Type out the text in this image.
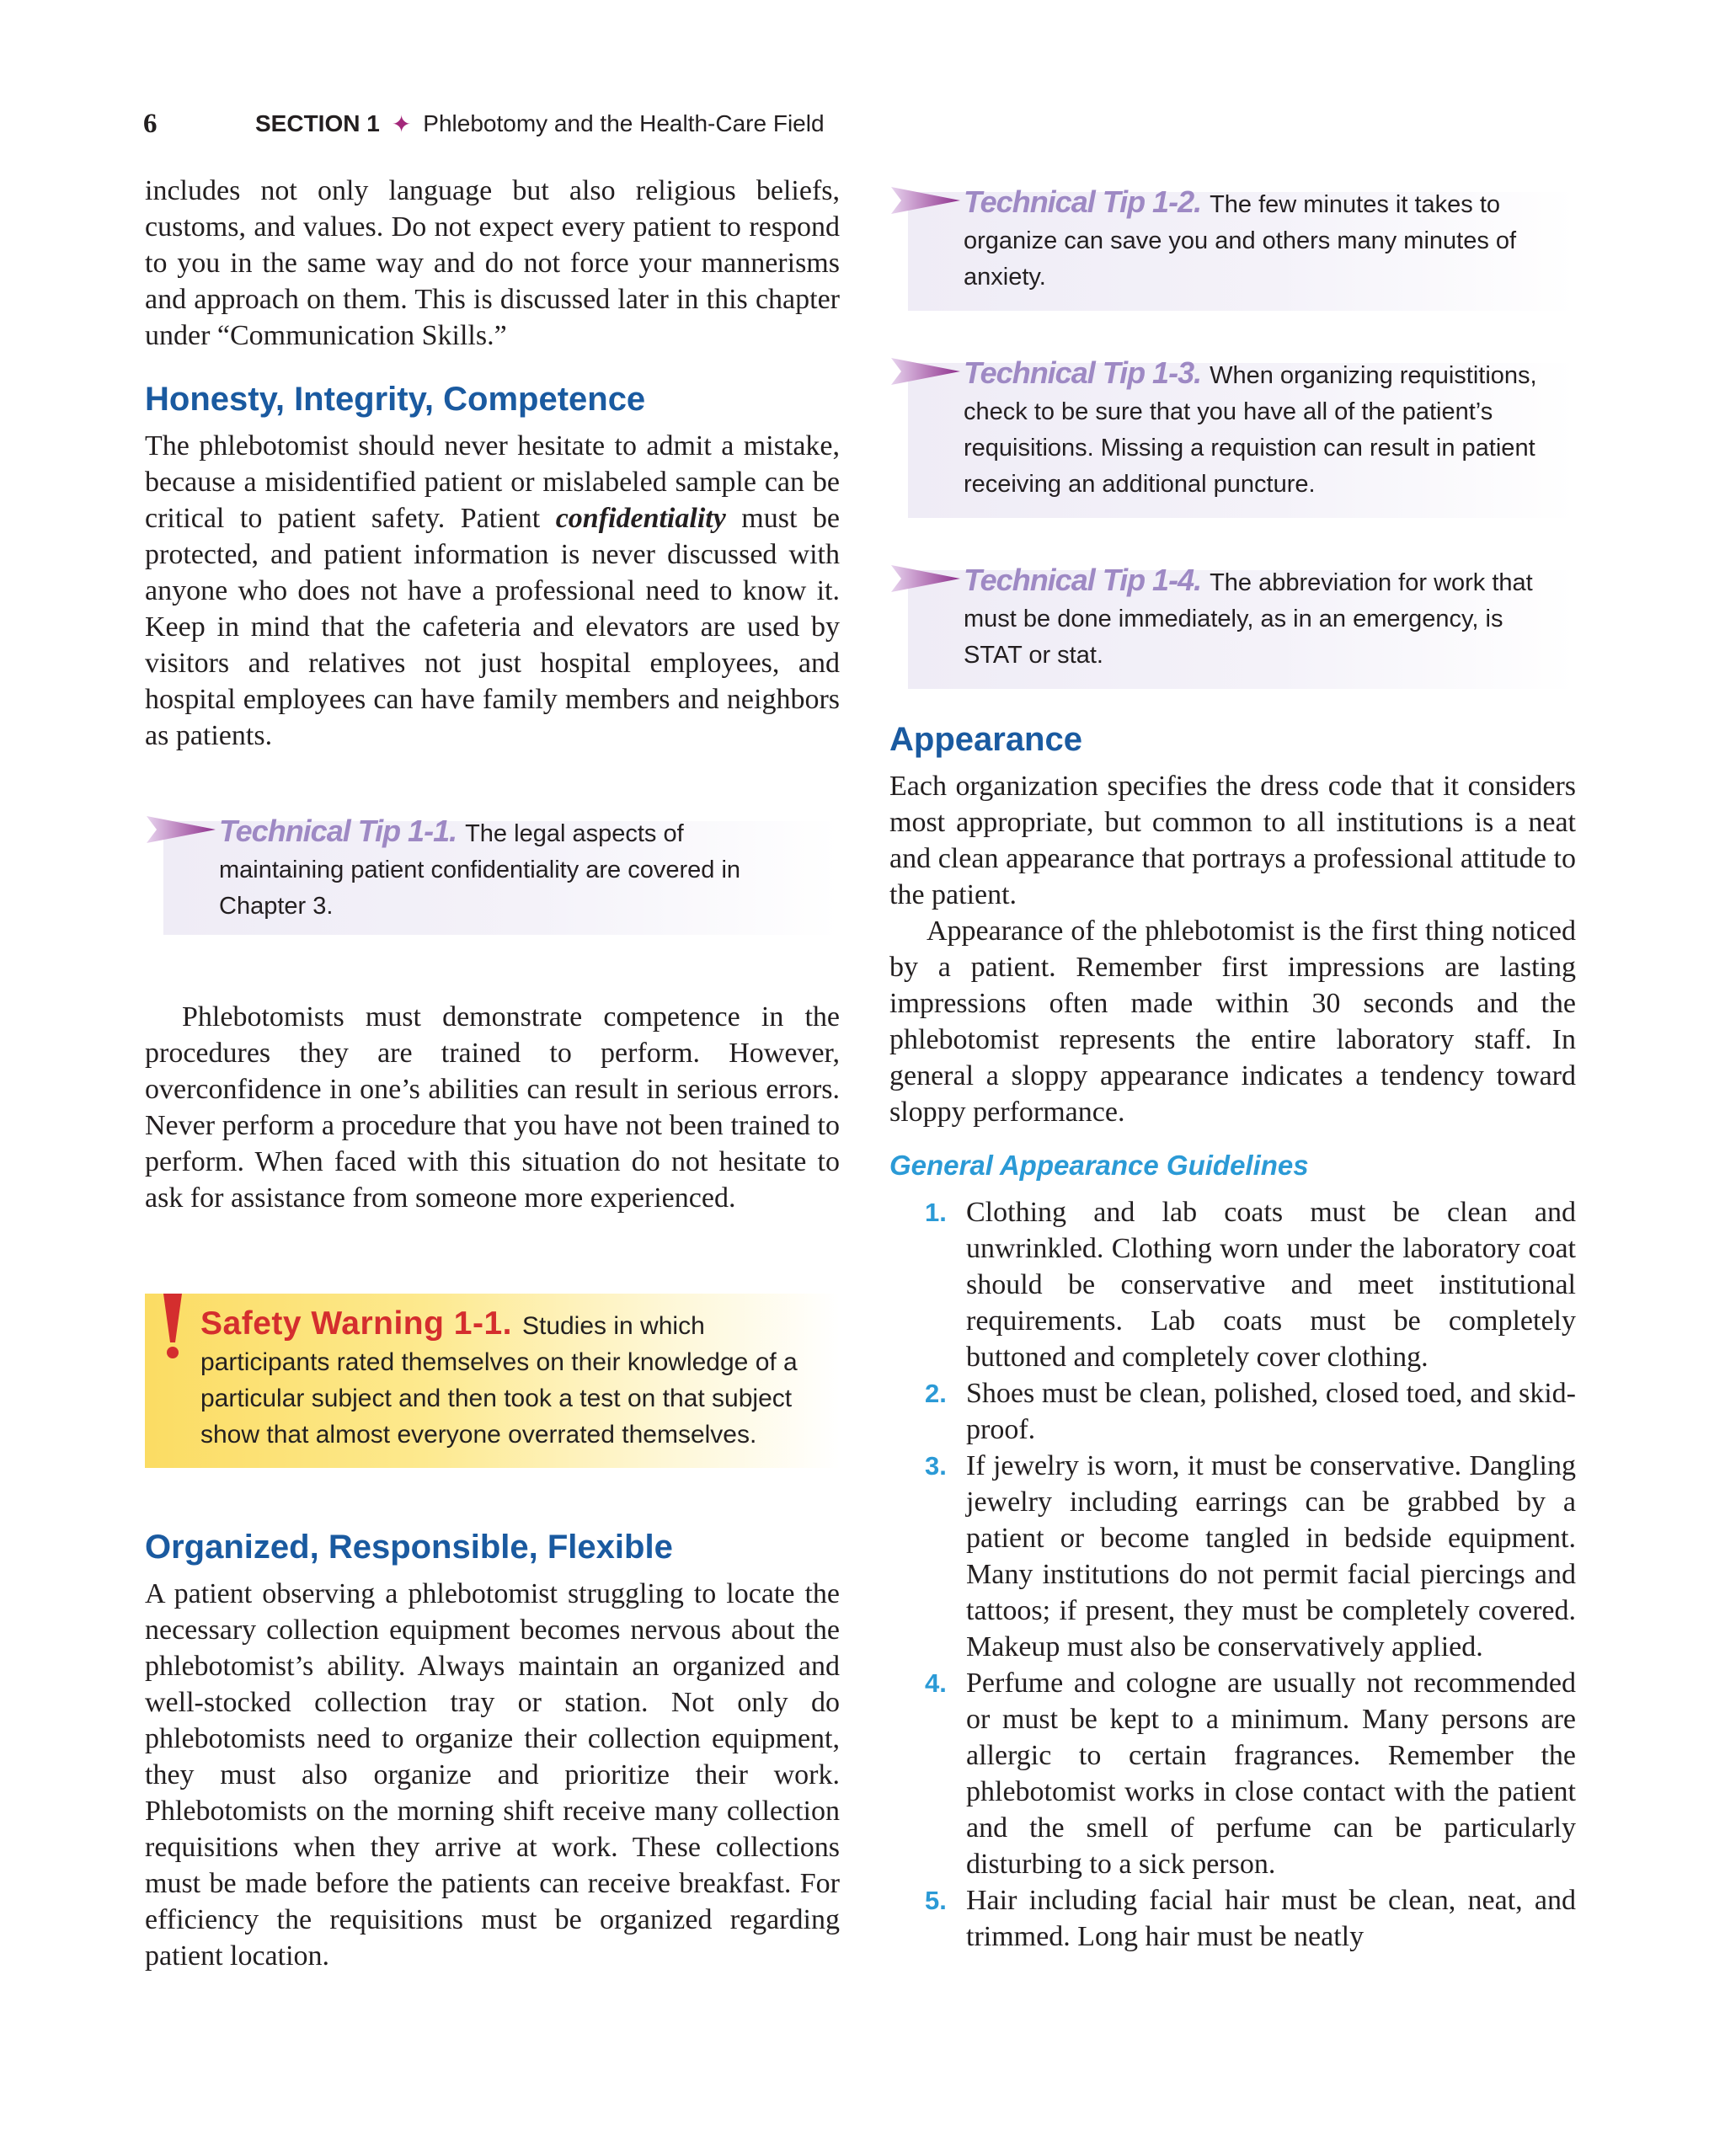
6	SECTION 1 ✦ Phlebotomy and the Health-Care Field

includes not only language but also religious beliefs, customs, and values. Do not expect every patient to respond to you in the same way and do not force your mannerisms and approach on them. This is discussed later in this chapter under “Communication Skills.”

Honesty, Integrity, Competence

The phlebotomist should never hesitate to admit a mistake, because a misidentified patient or mislabeled sample can be critical to patient safety. Patient confidentiality must be protected, and patient information is never discussed with anyone who does not have a professional need to know it. Keep in mind that the cafeteria and elevators are used by visitors and relatives not just hospital employees, and hospital employees can have family members and neighbors as patients.

Technical Tip 1-1. The legal aspects of maintaining patient confidentiality are covered in Chapter 3.

Phlebotomists must demonstrate competence in the procedures they are trained to perform. However, overconfidence in one’s abilities can result in serious errors. Never perform a procedure that you have not been trained to perform. When faced with this situation do not hesitate to ask for assistance from someone more experienced.

Safety Warning 1-1. Studies in which participants rated themselves on their knowledge of a particular subject and then took a test on that subject show that almost everyone overrated themselves.
Organized, Responsible, Flexible

A patient observing a phlebotomist struggling to locate the necessary collection equipment becomes nervous about the phlebotomist’s ability. Always maintain an organized and well-stocked collection tray or station. Not only do phlebotomists need to organize their collection equipment, they must also organize and prioritize their work. Phlebotomists on the morning shift receive many collection requisitions when they arrive at work. These collections must be made before the patients can receive breakfast. For efficiency the requisitions must be organized regarding patient location.

Technical Tip 1-2. The few minutes it takes to organize can save you and others many minutes of anxiety.
Technical Tip 1-3. When organizing requistitions, check to be sure that you have all of the patient’s requisitions. Missing a requistion can result in patient receiving an additional puncture.
Technical Tip 1-4. The abbreviation for work that must be done immediately, as in an emergency, is STAT or stat.
Appearance

Each organization specifies the dress code that it considers most appropriate, but common to all institutions is a neat and clean appearance that portrays a professional attitude to the patient.

Appearance of the phlebotomist is the first thing noticed by a patient. Remember first impressions are lasting impressions often made within 30 seconds and the phlebotomist represents the entire laboratory staff. In general a sloppy appearance indicates a tendency toward sloppy performance.

General Appearance Guidelines
1. Clothing and lab coats must be clean and unwrinkled. Clothing worn under the laboratory coat should be conservative and meet institutional requirements. Lab coats must be completely buttoned and completely cover clothing.
2. Shoes must be clean, polished, closed toed, and skid-proof.
3. If jewelry is worn, it must be conservative. Dangling jewelry including earrings can be grabbed by a patient or become tangled in bedside equipment. Many institutions do not permit facial piercings and tattoos; if present, they must be completely covered. Makeup must also be conservatively applied.
4. Perfume and cologne are usually not recommended or must be kept to a minimum. Many persons are allergic to certain fragrances. Remember the phlebotomist works in close contact with the patient and the smell of perfume can be particularly disturbing to a sick person.
5. Hair including facial hair must be clean, neat, and trimmed. Long hair must be neatly
